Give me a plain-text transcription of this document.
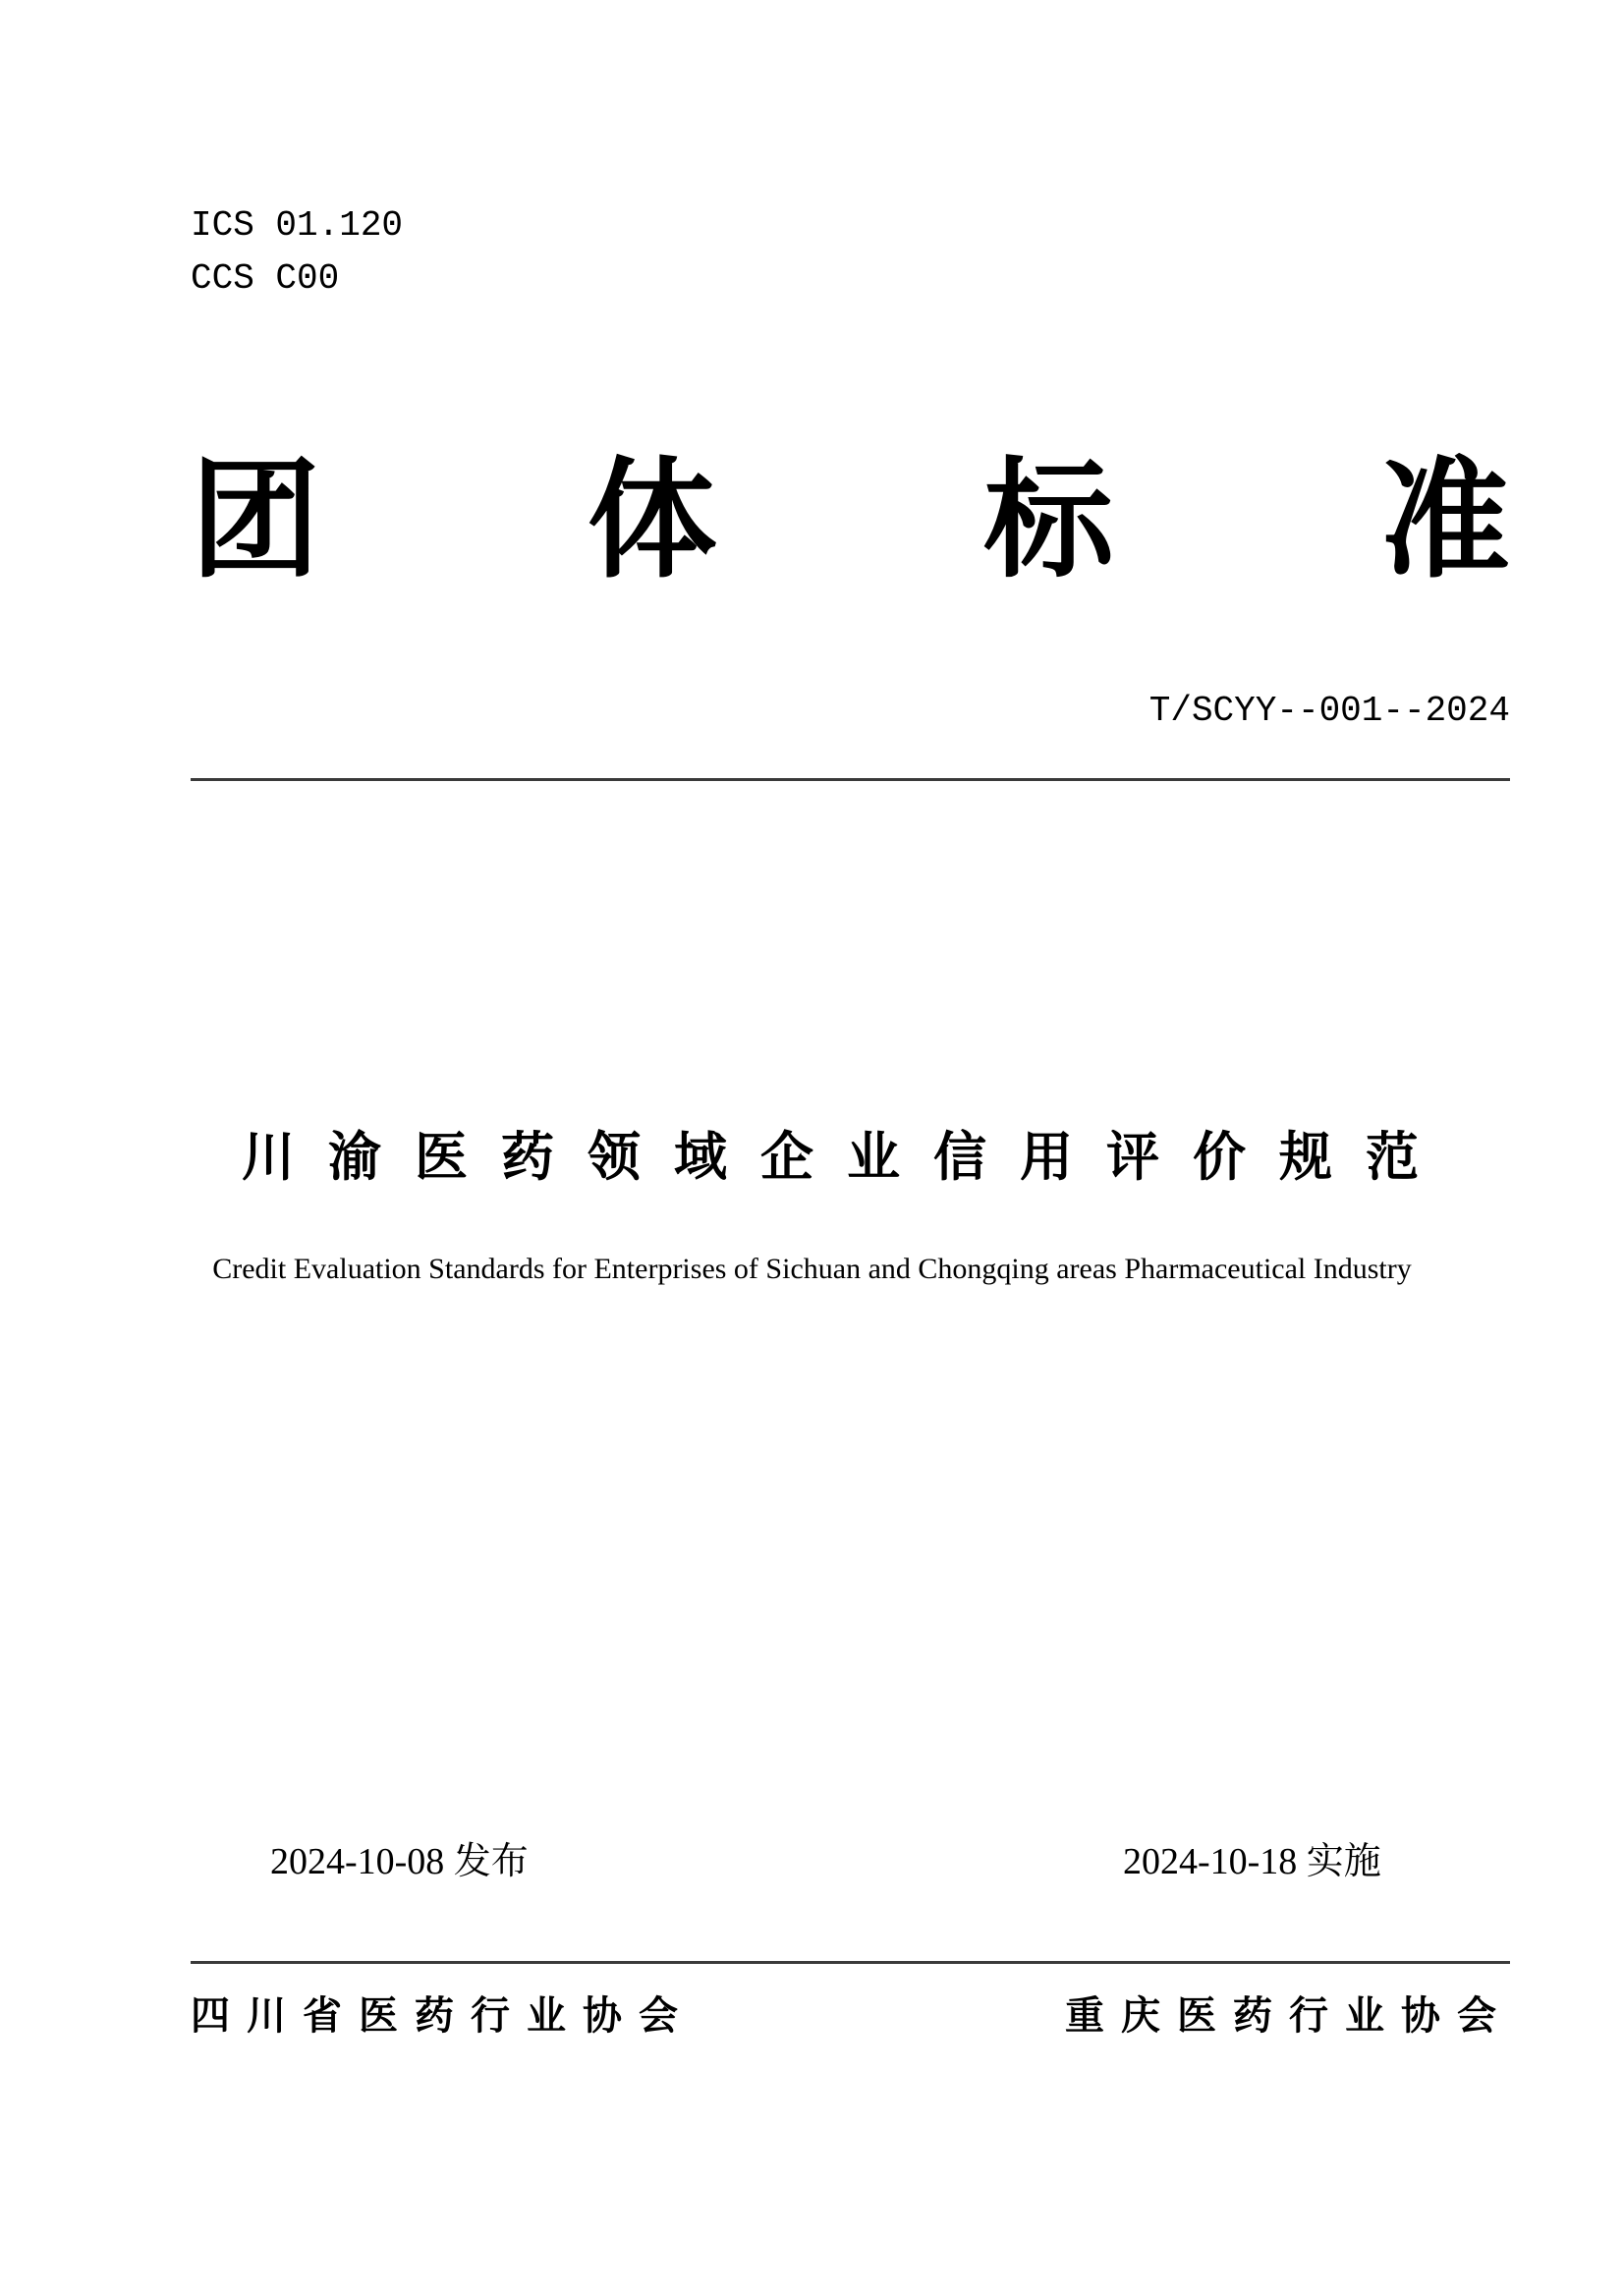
ICS 01.120
CCS C00
团 体 标 准
T/SCYY--001--2024
川渝医药领域企业信用评价规范
Credit Evaluation Standards for Enterprises of Sichuan and Chongqing areas Pharmaceutical Industry
2024-10-08 发布	2024-10-18 实施
四川省医药行业协会	重庆医药行业协会
